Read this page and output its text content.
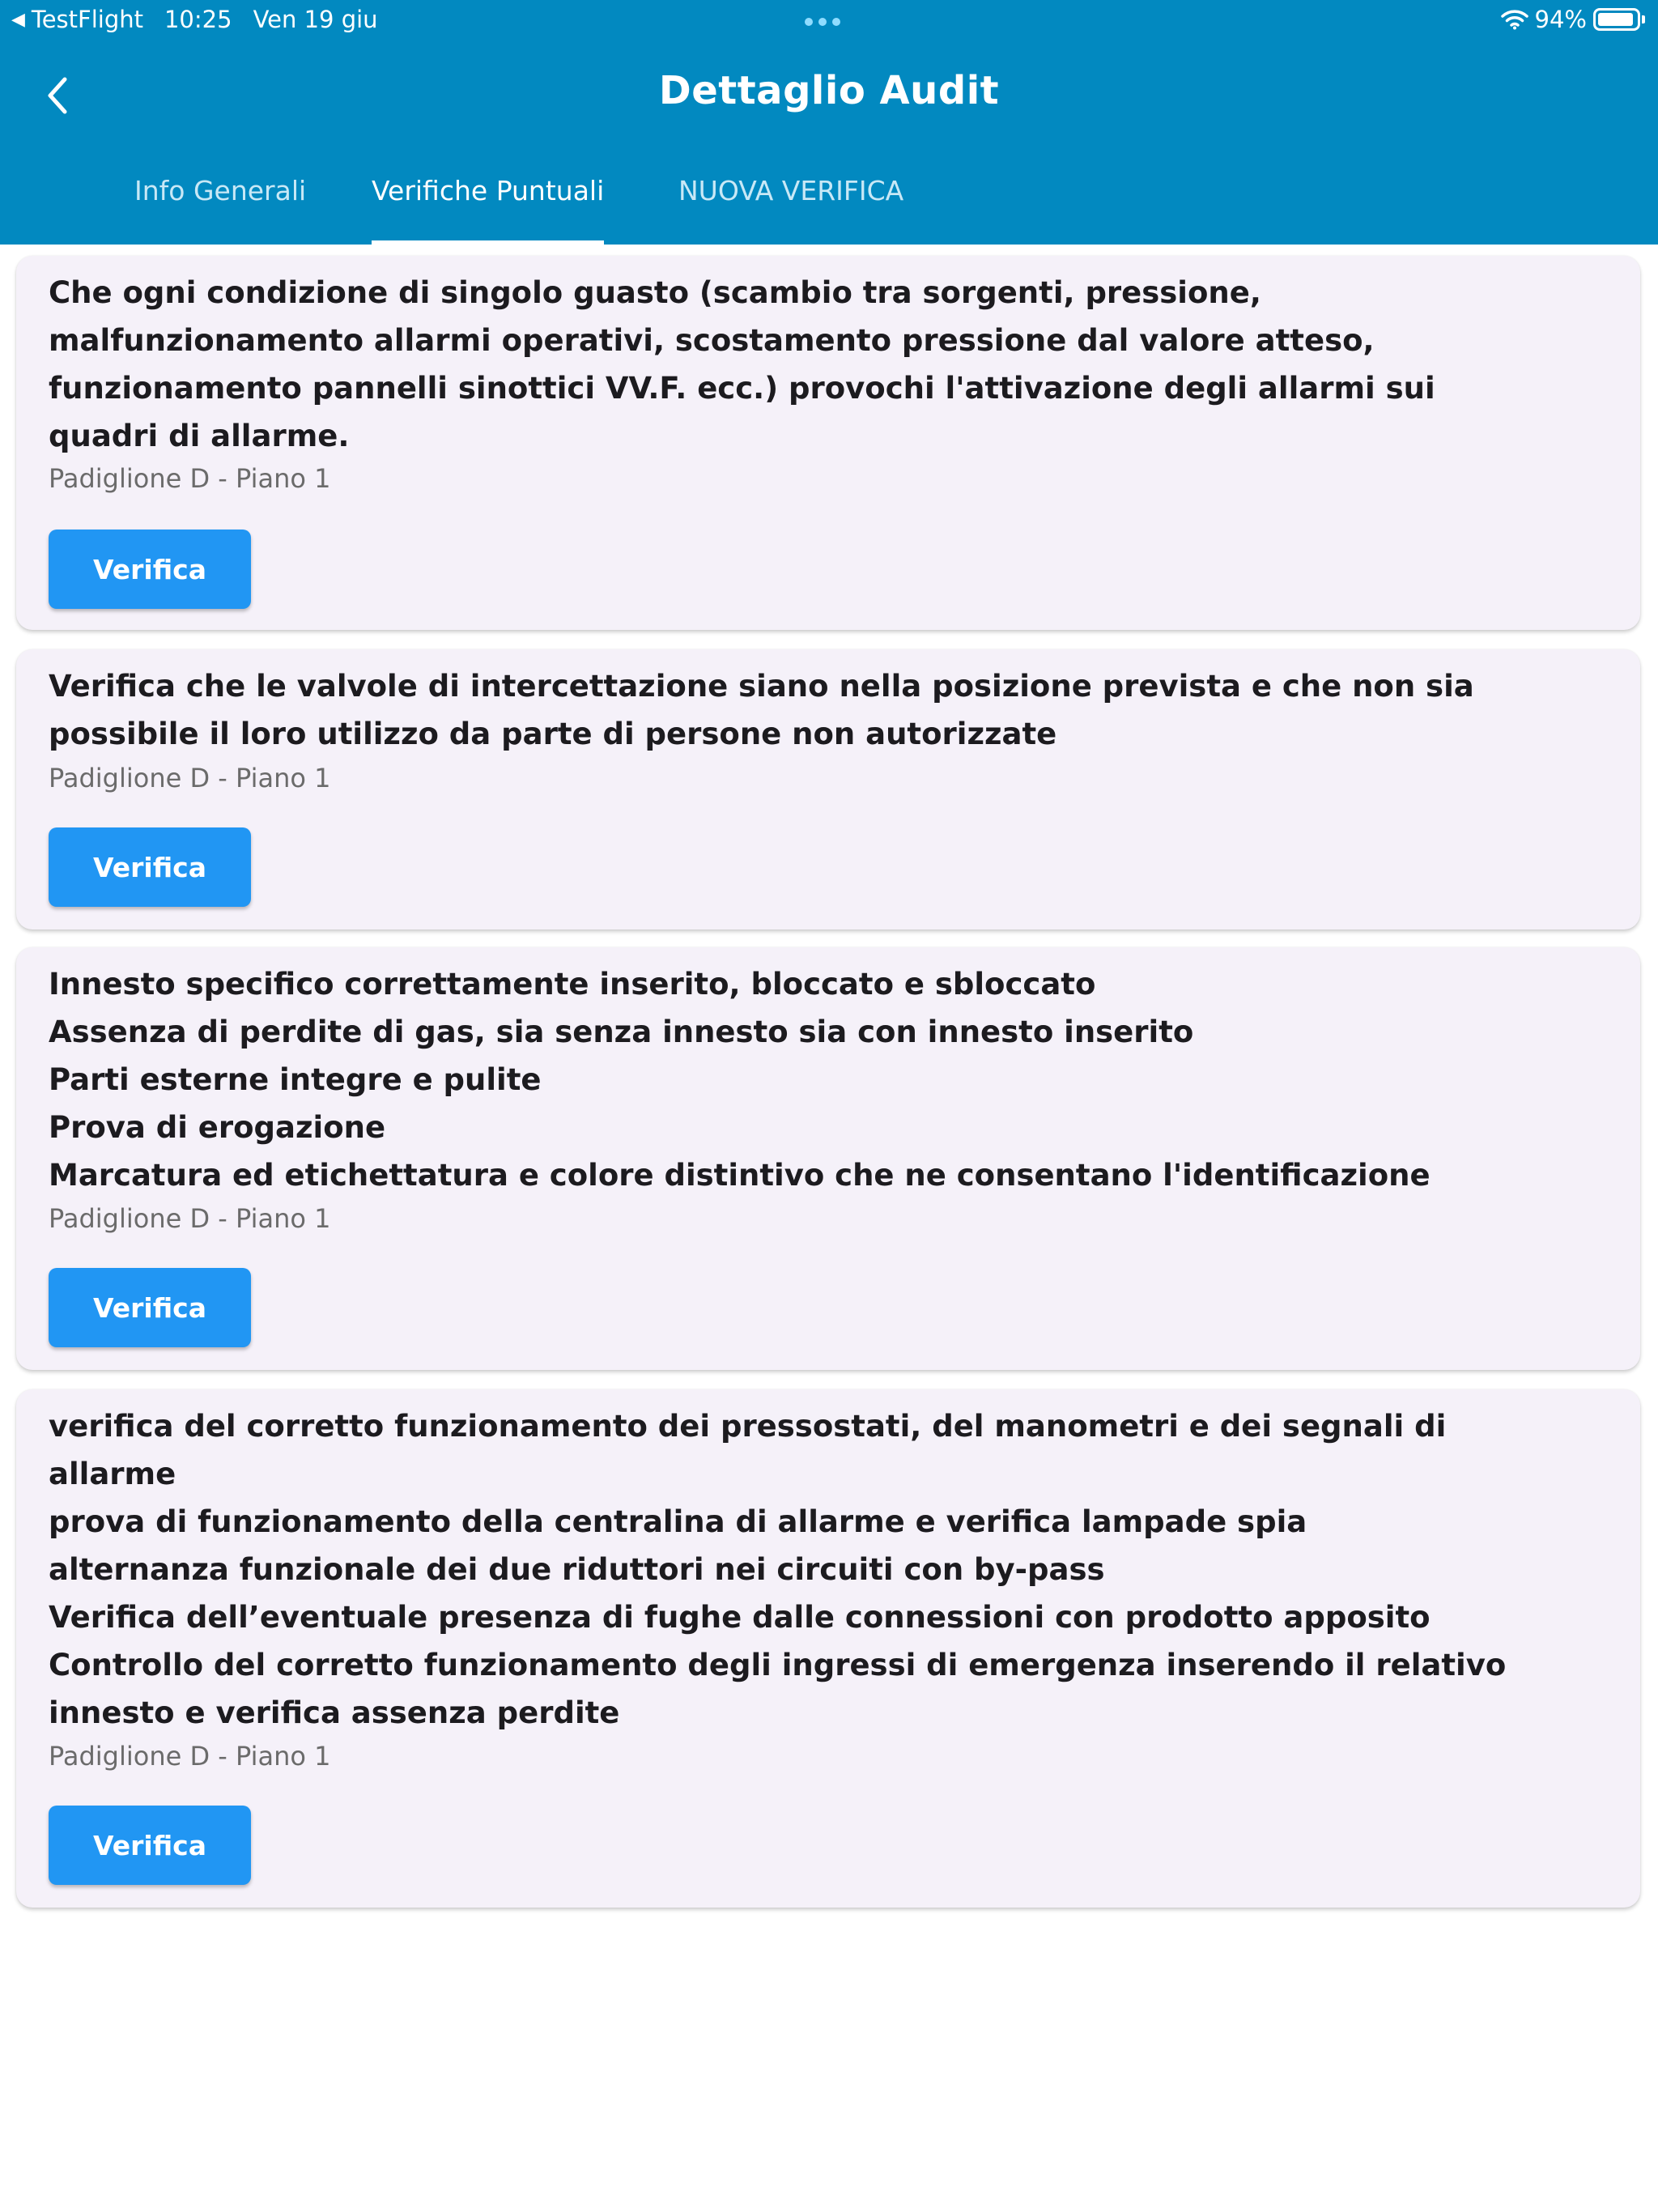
◀ TestFlight 10:25 Ven 19 giu	94%
Dettaglio Audit
Info Generali Verifiche Puntuali	NUOVA VERIFICA
Che ogni condizione di singolo guasto (scambio tra sorgenti, pressione,
malfunzionamento allarmi operativi, scostamento pressione dal valore atteso,
funzionamento pannelli sinottici VV.F. ecc.) provochi l'attivazione degli allarmi sui
quadri di allarme.
Padiglione D - Piano 1
Verifica
Verifica che le valvole di intercettazione siano nella posizione prevista e che non sia
possibile il loro utilizzo da parte di persone non autorizzate
Padiglione D - Piano 1
Verifica
Innesto specifico correttamente inserito, bloccato e sbloccato
Assenza di perdite di gas, sia senza innesto sia con innesto inserito
Parti esterne integre e pulite
Prova di erogazione
Marcatura ed etichettatura e colore distintivo che ne consentano l'identificazione
Padiglione D - Piano 1
Verifica
verifica del corretto funzionamento dei pressostati, del manometri e dei segnali di
allarme
prova di funzionamento della centralina di allarme e verifica lampade spia
alternanza funzionale dei due riduttori nei circuiti con by-pass
Verifica dell’eventuale presenza di fughe dalle connessioni con prodotto apposito
Controllo del corretto funzionamento degli ingressi di emergenza inserendo il relativo
innesto e verifica assenza perdite
Padiglione D - Piano 1
Verifica
